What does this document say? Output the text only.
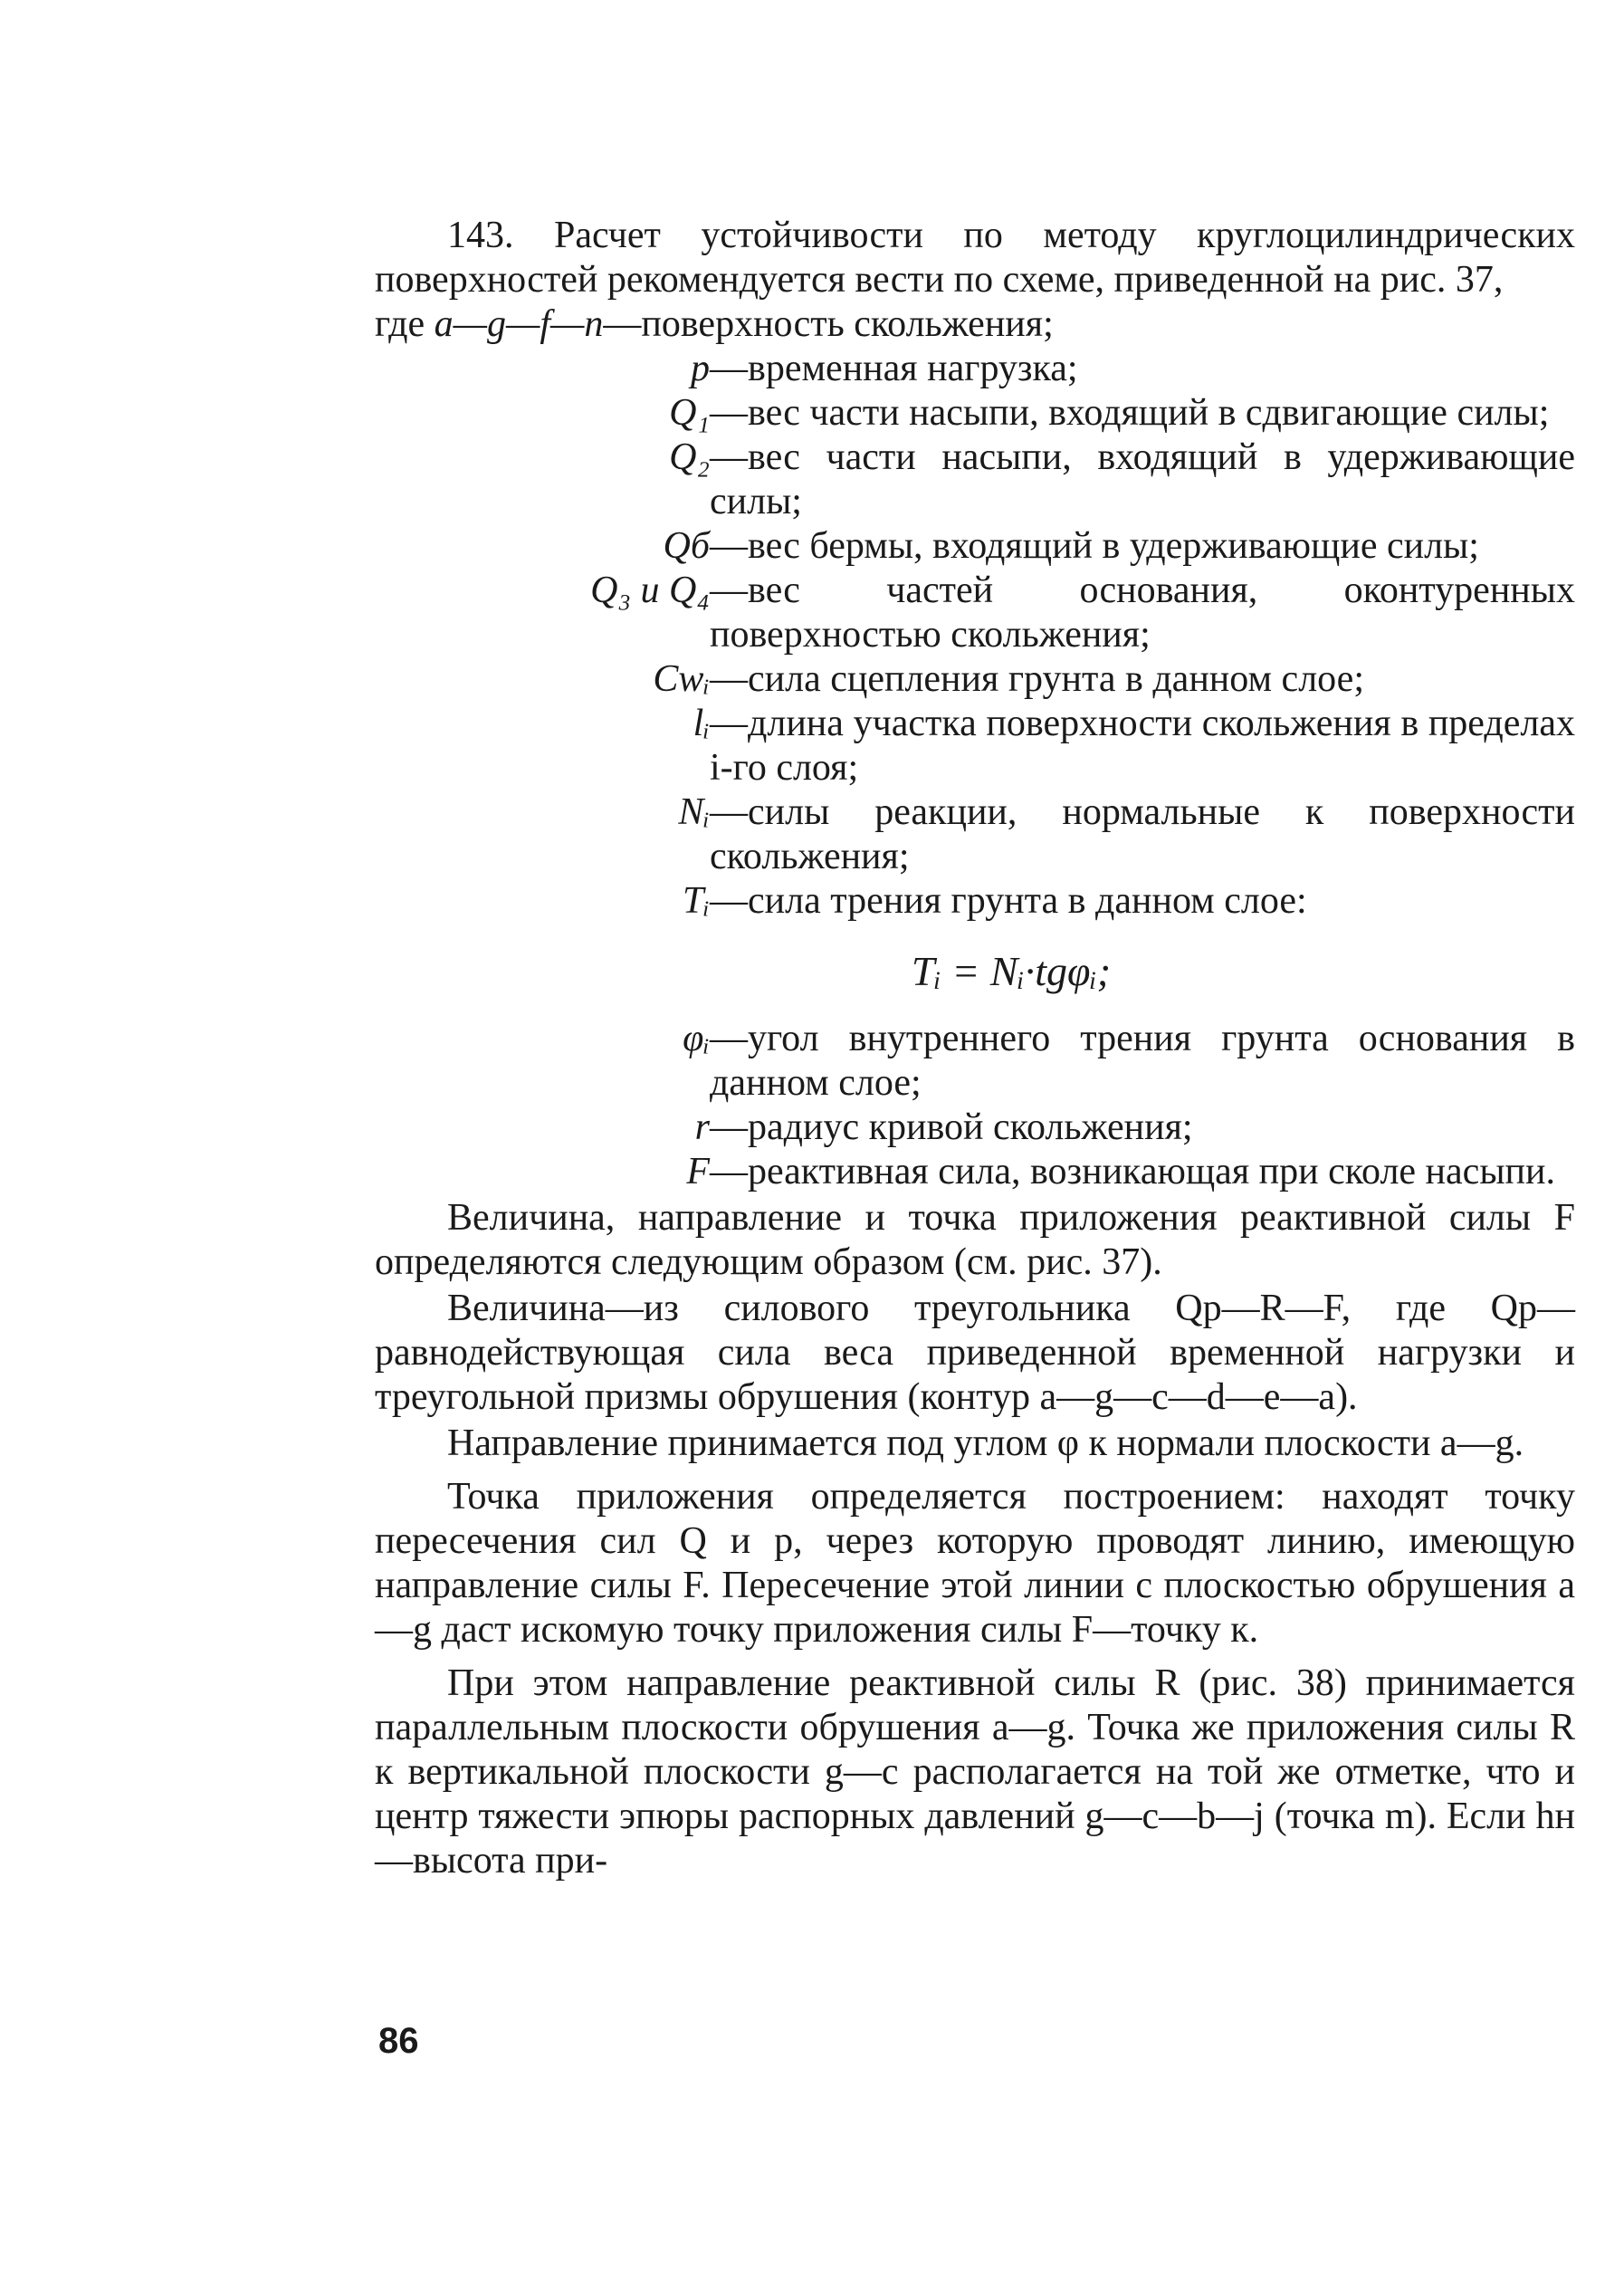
143. Расчет устойчивости по методу круглоцилиндрических поверхностей рекомендуется вести по схеме, приведенной на рис. 37,
где
a—g—f—n —поверхность скольжения;
p —временная нагрузка;
Q₁ —вес части насыпи, входящий в сдвигающие силы;
Q₂ —вес части насыпи, входящий в удерживающие силы;
Qб —вес бермы, входящий в удерживающие силы;
Q₃ и Q₄ —вес частей основания, оконтуренных поверхностью скольжения;
Cwᵢ —сила сцепления грунта в данном слое;
lᵢ —длина участка поверхности скольжения в пределах i-го слоя;
Nᵢ —силы реакции, нормальные к поверхности скольжения;
Tᵢ —сила трения грунта в данном слое:
Tᵢ = Nᵢ·tgφᵢ;
φᵢ —угол внутреннего трения грунта основания в данном слое;
r —радиус кривой скольжения;
F —реактивная сила, возникающая при сколе насыпи.
Величина, направление и точка приложения реактивной силы F определяются следующим образом (см. рис. 37).
Величина—из силового треугольника Qp—R—F, где Qp—равнодействующая сила веса приведенной временной нагрузки и треугольной призмы обрушения (контур a—g—c—d—e—a).
Направление принимается под углом φ к нормали плоскости a—g.
Точка приложения определяется построением: находят точку пересечения сил Q и p, через которую проводят линию, имеющую направление силы F. Пересечение этой линии с плоскостью обрушения a—g даст искомую точку приложения силы F—точку к.
При этом направление реактивной силы R (рис. 38) принимается параллельным плоскости обрушения a—g. Точка же приложения силы R к вертикальной плоскости g—c располагается на той же отметке, что и центр тяжести эпюры распорных давлений g—c—b—j (точка m). Если hн—высота при-
86
